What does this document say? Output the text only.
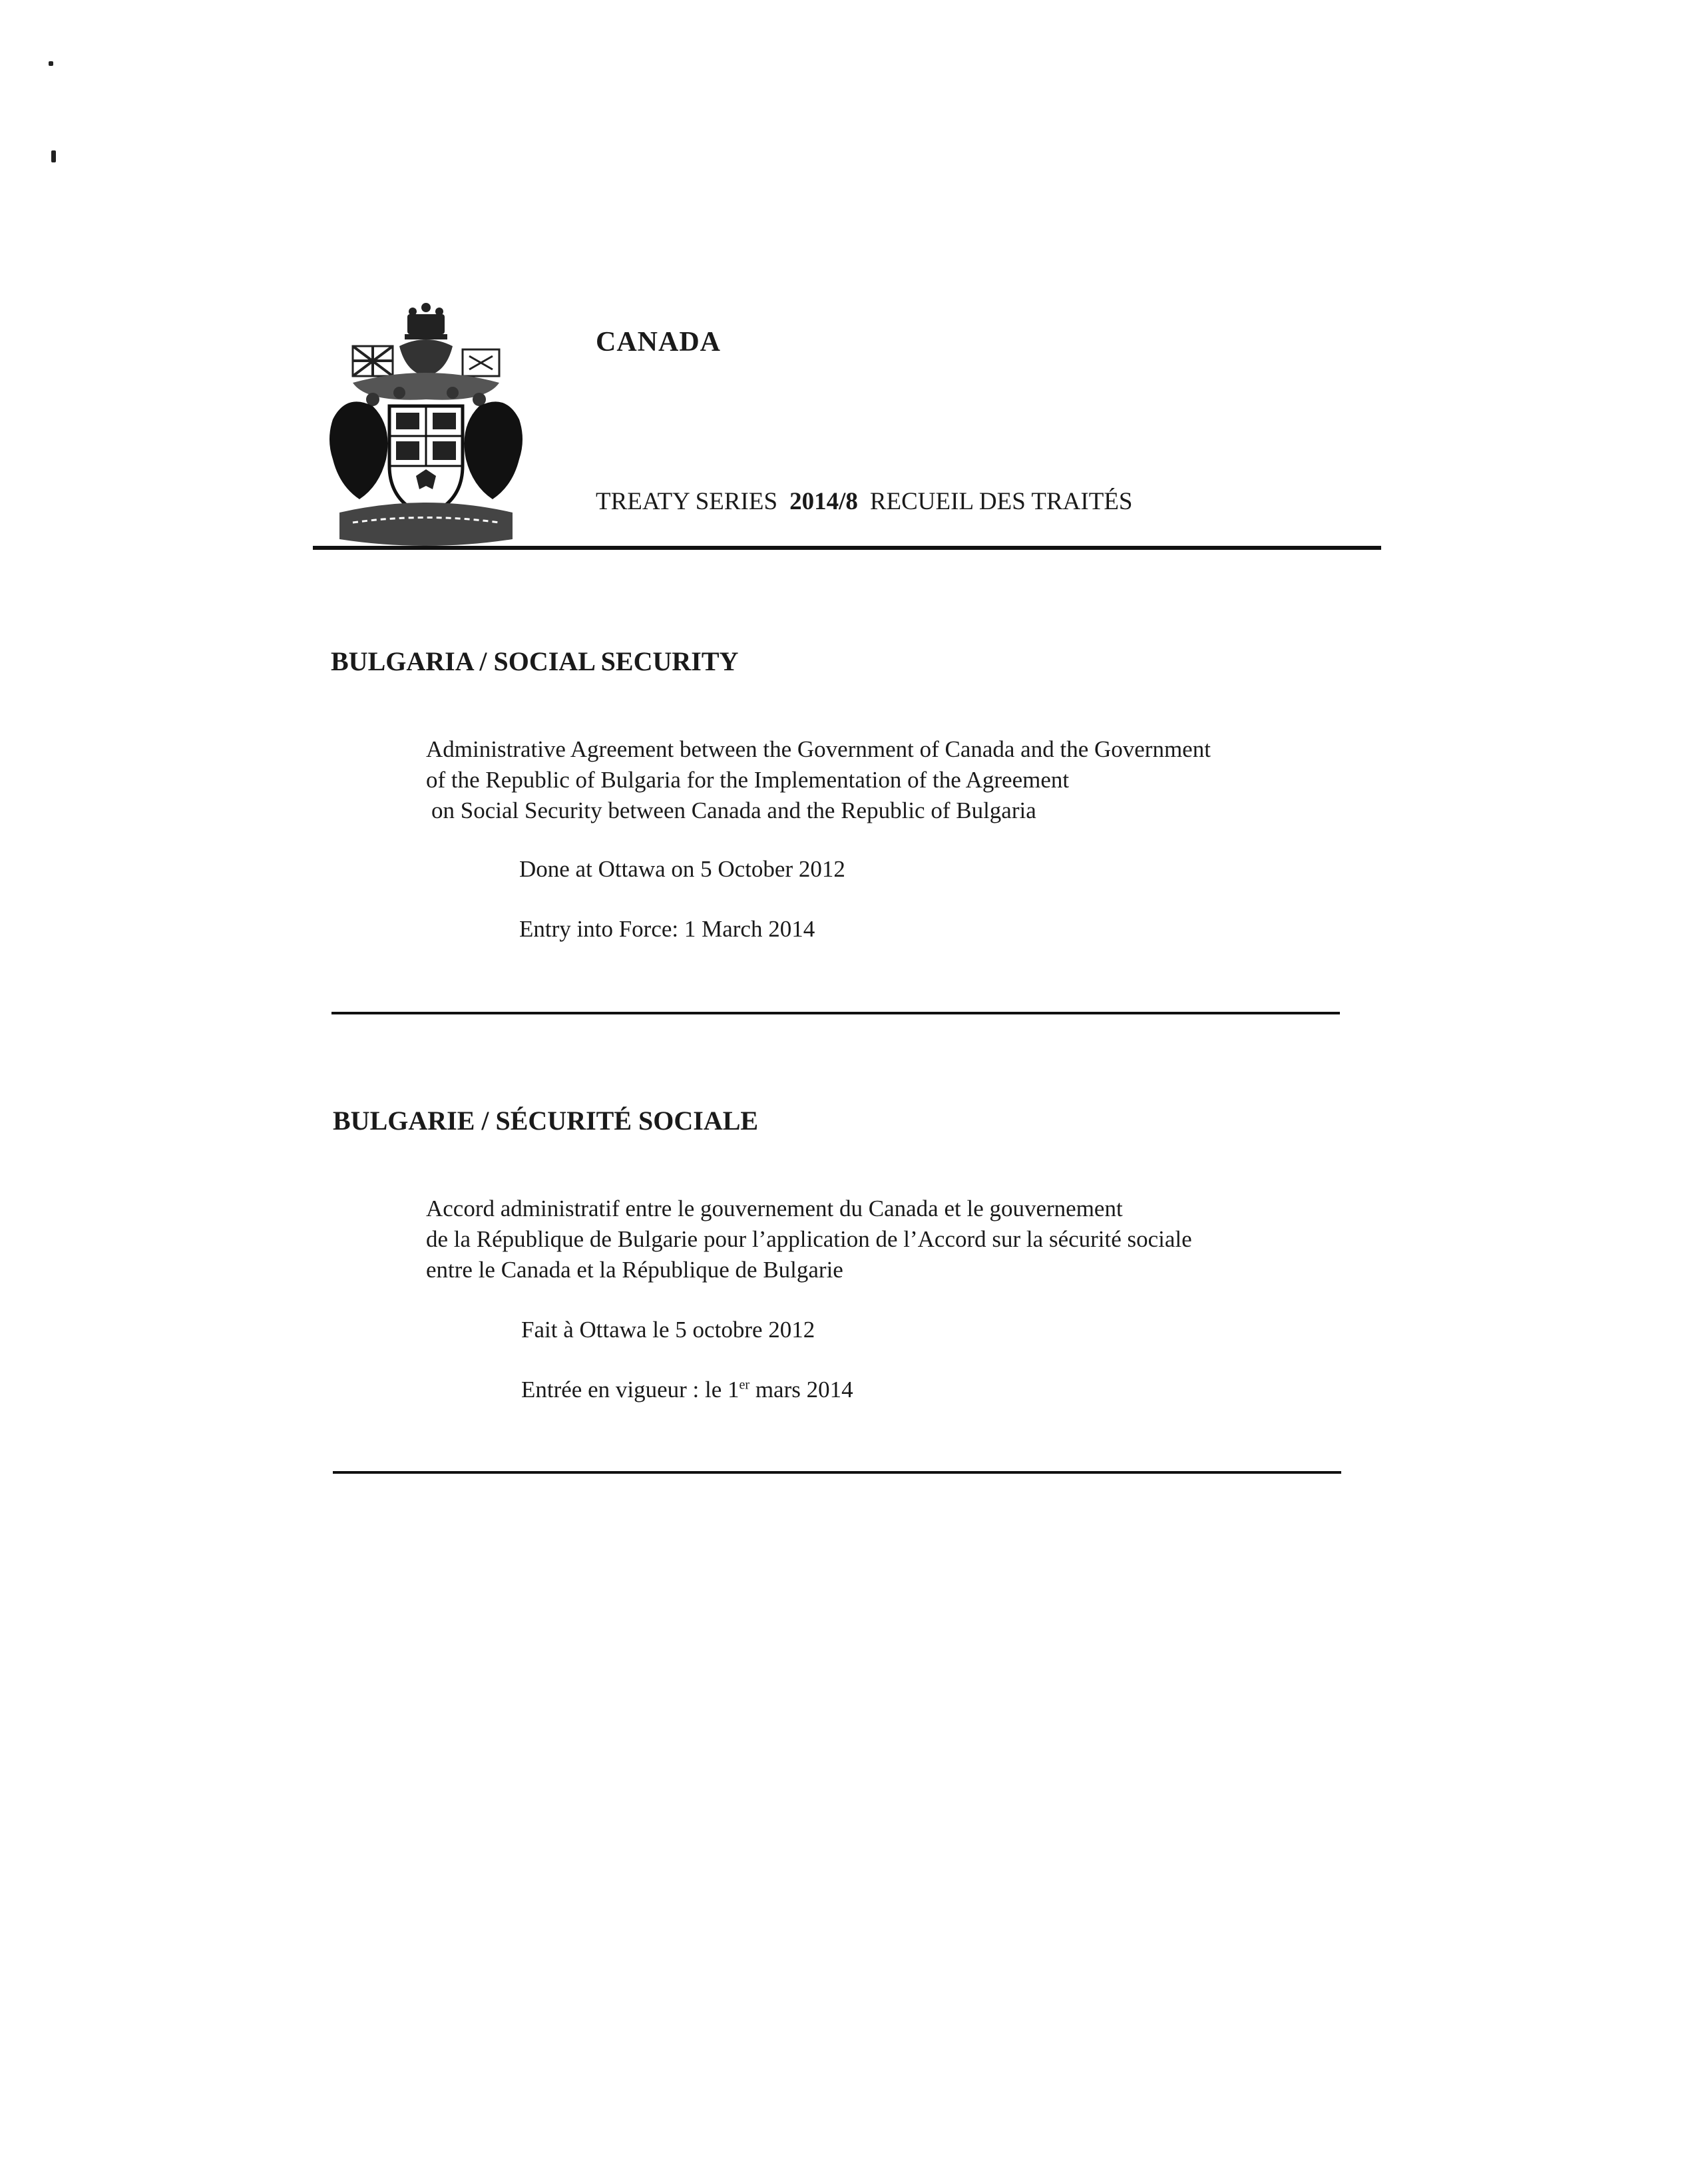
CANADA
TREATY SERIES 2014/8 RECUEIL DES TRAITÉS
BULGARIA / SOCIAL SECURITY
Administrative Agreement between the Government of Canada and the Government
of the Republic of Bulgaria for the Implementation of the Agreement
on Social Security between Canada and the Republic of Bulgaria
Done at Ottawa on 5 October 2012
Entry into Force: 1 March 2014
BULGARIE / SÉCURITÉ SOCIALE
Accord administratif entre le gouvernement du Canada et le gouvernement
de la République de Bulgarie pour l’application de l’Accord sur la sécurité sociale
entre le Canada et la République de Bulgarie
Fait à Ottawa le 5 octobre 2012
Entrée en vigueur : le 1er mars 2014
